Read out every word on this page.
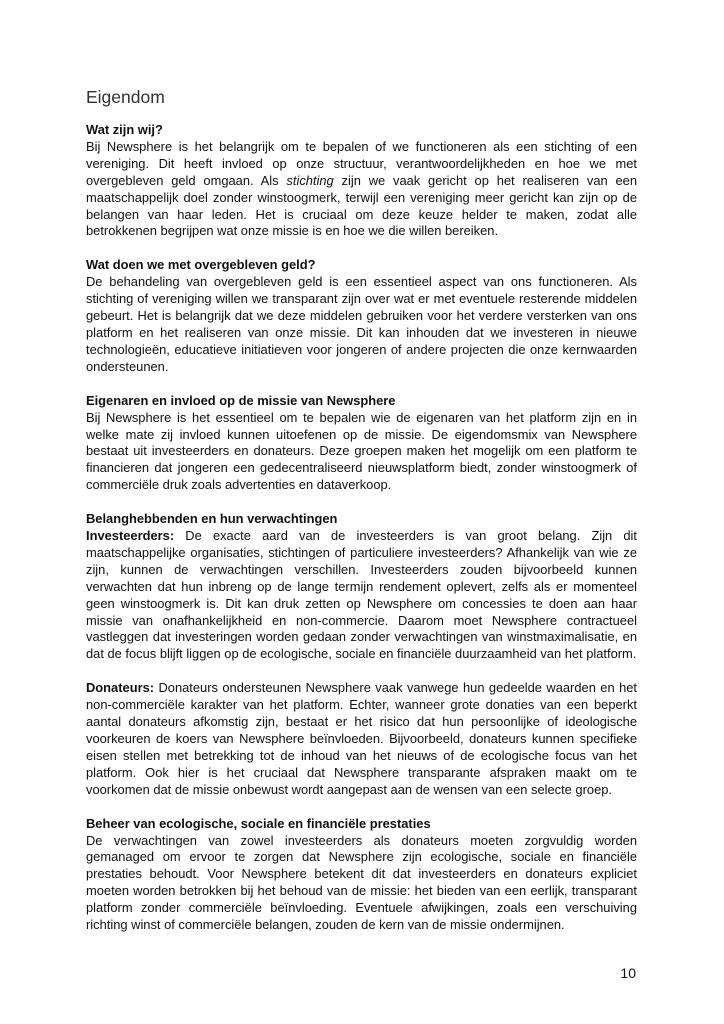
Eigendom

Wat zijn wij?

Bij Newsphere is het belangrijk om te bepalen of we functioneren als een stichting of een vereniging. Dit heeft invloed op onze structuur, verantwoordelijkheden en hoe we met overgebleven geld omgaan. Als stichting zijn we vaak gericht op het realiseren van een maatschappelijk doel zonder winstoogmerk, terwijl een vereniging meer gericht kan zijn op de belangen van haar leden. Het is cruciaal om deze keuze helder te maken, zodat alle betrokkenen begrijpen wat onze missie is en hoe we die willen bereiken.

Wat doen we met overgebleven geld?

De behandeling van overgebleven geld is een essentieel aspect van ons functioneren. Als stichting of vereniging willen we transparant zijn over wat er met eventuele resterende middelen gebeurt. Het is belangrijk dat we deze middelen gebruiken voor het verdere versterken van ons platform en het realiseren van onze missie. Dit kan inhouden dat we investeren in nieuwe technologieën, educatieve initiatieven voor jongeren of andere projecten die onze kernwaarden ondersteunen.

Eigenaren en invloed op de missie van Newsphere

Bij Newsphere is het essentieel om te bepalen wie de eigenaren van het platform zijn en in welke mate zij invloed kunnen uitoefenen op de missie. De eigendomsmix van Newsphere bestaat uit investeerders en donateurs. Deze groepen maken het mogelijk om een platform te financieren dat jongeren een gedecentraliseerd nieuwsplatform biedt, zonder winstoogmerk of commerciële druk zoals advertenties en dataverkoop.

Belanghebbenden en hun verwachtingen

Investeerders: De exacte aard van de investeerders is van groot belang. Zijn dit maatschappelijke organisaties, stichtingen of particuliere investeerders? Afhankelijk van wie ze zijn, kunnen de verwachtingen verschillen. Investeerders zouden bijvoorbeeld kunnen verwachten dat hun inbreng op de lange termijn rendement oplevert, zelfs als er momenteel geen winstoogmerk is. Dit kan druk zetten op Newsphere om concessies te doen aan haar missie van onafhankelijkheid en non-commercie. Daarom moet Newsphere contractueel vastleggen dat investeringen worden gedaan zonder verwachtingen van winstmaximalisatie, en dat de focus blijft liggen op de ecologische, sociale en financiële duurzaamheid van het platform.

Donateurs: Donateurs ondersteunen Newsphere vaak vanwege hun gedeelde waarden en het non-commerciële karakter van het platform. Echter, wanneer grote donaties van een beperkt aantal donateurs afkomstig zijn, bestaat er het risico dat hun persoonlijke of ideologische voorkeuren de koers van Newsphere beïnvloeden. Bijvoorbeeld, donateurs kunnen specifieke eisen stellen met betrekking tot de inhoud van het nieuws of de ecologische focus van het platform. Ook hier is het cruciaal dat Newsphere transparante afspraken maakt om te voorkomen dat de missie onbewust wordt aangepast aan de wensen van een selecte groep.

Beheer van ecologische, sociale en financiële prestaties

De verwachtingen van zowel investeerders als donateurs moeten zorgvuldig worden gemanaged om ervoor te zorgen dat Newsphere zijn ecologische, sociale en financiële prestaties behoudt. Voor Newsphere betekent dit dat investeerders en donateurs expliciet moeten worden betrokken bij het behoud van de missie: het bieden van een eerlijk, transparant platform zonder commerciële beïnvloeding. Eventuele afwijkingen, zoals een verschuiving richting winst of commerciële belangen, zouden de kern van de missie ondermijnen.

10
